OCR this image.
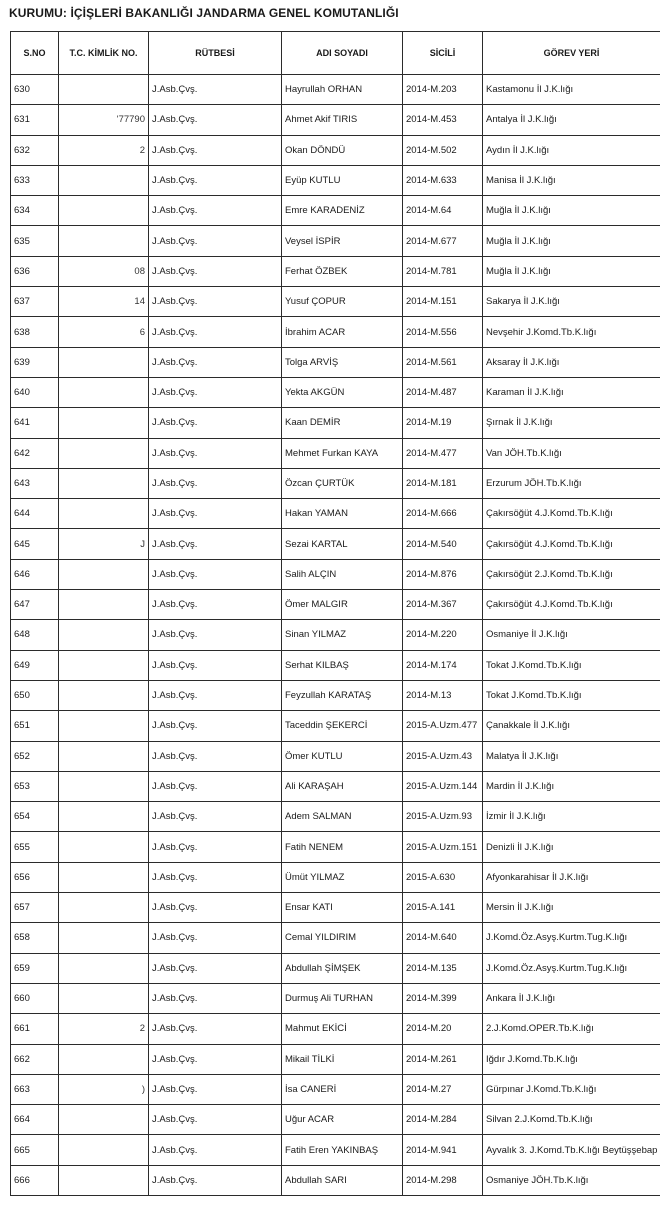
KURUMU: İÇİŞLERİ BAKANLIĞI JANDARMA GENEL KOMUTANLIĞI
S.NO	T.C. KİMLİK NO.	RÜTBESİ	ADI SOYADI	SİCİLİ	GÖREV YERİ
630		J.Asb.Çvş.	Hayrullah ORHAN	2014-M.203	Kastamonu İl J.K.lığı
631	'77790	J.Asb.Çvş.	Ahmet Akif TIRIS	2014-M.453	Antalya İl J.K.lığı
632	2	J.Asb.Çvş.	Okan DÖNDÜ	2014-M.502	Aydın İl J.K.lığı
633		J.Asb.Çvş.	Eyüp KUTLU	2014-M.633	Manisa İl J.K.lığı
634		J.Asb.Çvş.	Emre KARADENİZ	2014-M.64	Muğla İl J.K.lığı
635		J.Asb.Çvş.	Veysel İSPİR	2014-M.677	Muğla İl J.K.lığı
636	08	J.Asb.Çvş.	Ferhat ÖZBEK	2014-M.781	Muğla İl J.K.lığı
637	14	J.Asb.Çvş.	Yusuf ÇOPUR	2014-M.151	Sakarya İl J.K.lığı
638	6	J.Asb.Çvş.	İbrahim ACAR	2014-M.556	Nevşehir J.Komd.Tb.K.lığı
639		J.Asb.Çvş.	Tolga ARVİŞ	2014-M.561	Aksaray İl J.K.lığı
640		J.Asb.Çvş.	Yekta AKGÜN	2014-M.487	Karaman İl J.K.lığı
641		J.Asb.Çvş.	Kaan DEMİR	2014-M.19	Şırnak İl J.K.lığı
642		J.Asb.Çvş.	Mehmet Furkan KAYA	2014-M.477	Van JÖH.Tb.K.lığı
643		J.Asb.Çvş.	Özcan ÇURTÜK	2014-M.181	Erzurum JÖH.Tb.K.lığı
644		J.Asb.Çvş.	Hakan YAMAN	2014-M.666	Çakırsöğüt 4.J.Komd.Tb.K.lığı
645	J	J.Asb.Çvş.	Sezai KARTAL	2014-M.540	Çakırsöğüt 4.J.Komd.Tb.K.lığı
646		J.Asb.Çvş.	Salih ALÇIN	2014-M.876	Çakırsöğüt 2.J.Komd.Tb.K.lığı
647		J.Asb.Çvş.	Ömer MALGIR	2014-M.367	Çakırsöğüt 4.J.Komd.Tb.K.lığı
648		J.Asb.Çvş.	Sinan YILMAZ	2014-M.220	Osmaniye İl J.K.lığı
649		J.Asb.Çvş.	Serhat KILBAŞ	2014-M.174	Tokat J.Komd.Tb.K.lığı
650		J.Asb.Çvş.	Feyzullah KARATAŞ	2014-M.13	Tokat J.Komd.Tb.K.lığı
651		J.Asb.Çvş.	Taceddin ŞEKERCİ	2015-A.Uzm.477	Çanakkale İl J.K.lığı
652		J.Asb.Çvş.	Ömer KUTLU	2015-A.Uzm.43	Malatya İl J.K.lığı
653		J.Asb.Çvş.	Ali KARAŞAH	2015-A.Uzm.144	Mardin İl J.K.lığı
654		J.Asb.Çvş.	Adem SALMAN	2015-A.Uzm.93	İzmir İl J.K.lığı
655		J.Asb.Çvş.	Fatih NENEM	2015-A.Uzm.151	Denizli İl J.K.lığı
656		J.Asb.Çvş.	Ümüt YILMAZ	2015-A.630	Afyonkarahisar İl J.K.lığı
657		J.Asb.Çvş.	Ensar KATI	2015-A.141	Mersin İl J.K.lığı
658		J.Asb.Çvş.	Cemal YILDIRIM	2014-M.640	J.Komd.Öz.Asyş.Kurtm.Tug.K.lığı
659		J.Asb.Çvş.	Abdullah ŞİMŞEK	2014-M.135	J.Komd.Öz.Asyş.Kurtm.Tug.K.lığı
660		J.Asb.Çvş.	Durmuş Ali TURHAN	2014-M.399	Ankara İl J.K.lığı
661	2	J.Asb.Çvş.	Mahmut EKİCİ	2014-M.20	2.J.Komd.OPER.Tb.K.lığı
662		J.Asb.Çvş.	Mikail TİLKİ	2014-M.261	Iğdır J.Komd.Tb.K.lığı
663	)	J.Asb.Çvş.	İsa CANERİ	2014-M.27	Gürpınar J.Komd.Tb.K.lığı
664		J.Asb.Çvş.	Uğur ACAR	2014-M.284	Silvan 2.J.Komd.Tb.K.lığı
665		J.Asb.Çvş.	Fatih Eren YAKINBAŞ	2014-M.941	Ayvalık 3. J.Komd.Tb.K.lığı Beytüşşebap
666		J.Asb.Çvş.	Abdullah SARI	2014-M.298	Osmaniye JÖH.Tb.K.lığı
